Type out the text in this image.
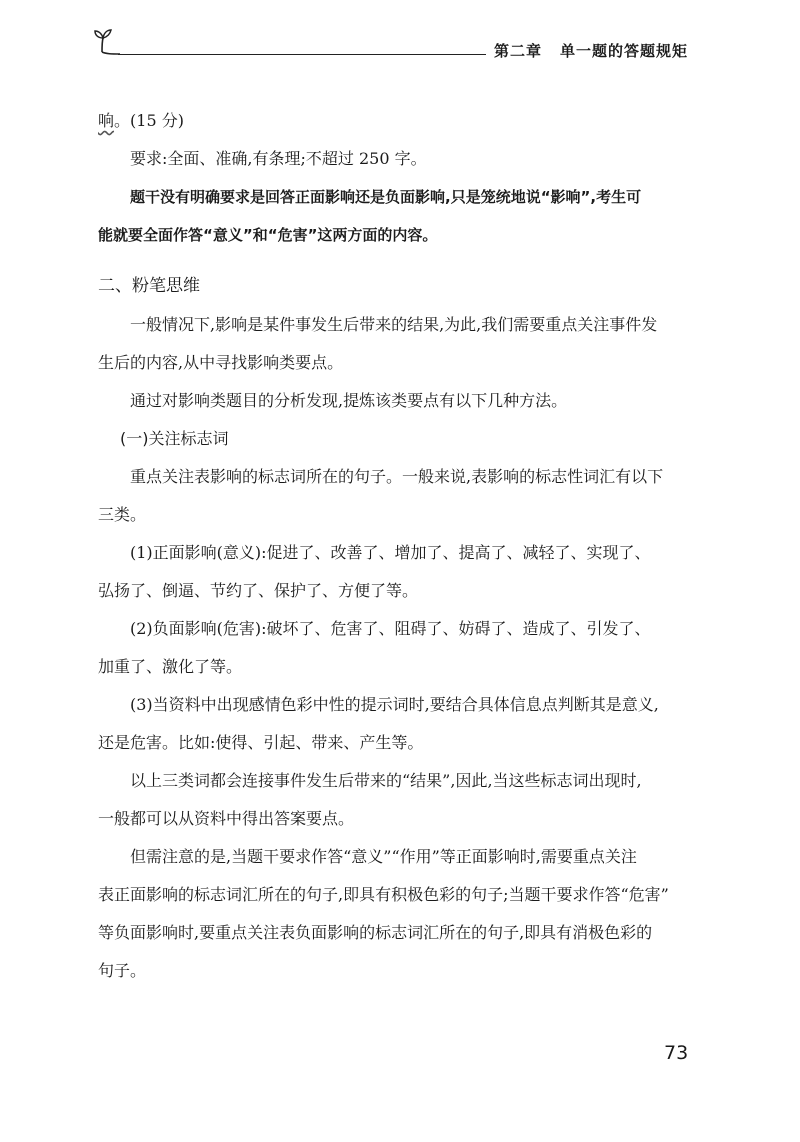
第二章 单一题的答题规矩
响。(15 分)
要求:全面、准确,有条理;不超过 250 字。
题干没有明确要求是回答正面影响还是负面影响,只是笼统地说“影响”,考生可
能就要全面作答“意义”和“危害”这两方面的内容。
二、粉笔思维
一般情况下,影响是某件事发生后带来的结果,为此,我们需要重点关注事件发
生后的内容,从中寻找影响类要点。
通过对影响类题目的分析发现,提炼该类要点有以下几种方法。
(一)关注标志词
重点关注表影响的标志词所在的句子。一般来说,表影响的标志性词汇有以下
三类。
(1)正面影响(意义):促进了、改善了、增加了、提高了、减轻了、实现了、
弘扬了、倒逼、节约了、保护了、方便了等。
(2)负面影响(危害):破坏了、危害了、阻碍了、妨碍了、造成了、引发了、
加重了、激化了等。
(3)当资料中出现感情色彩中性的提示词时,要结合具体信息点判断其是意义,
还是危害。比如:使得、引起、带来、产生等。
以上三类词都会连接事件发生后带来的“结果”,因此,当这些标志词出现时,
一般都可以从资料中得出答案要点。
但需注意的是,当题干要求作答“意义”“作用”等正面影响时,需要重点关注
表正面影响的标志词汇所在的句子,即具有积极色彩的句子;当题干要求作答“危害”
等负面影响时,要重点关注表负面影响的标志词汇所在的句子,即具有消极色彩的
句子。
73
